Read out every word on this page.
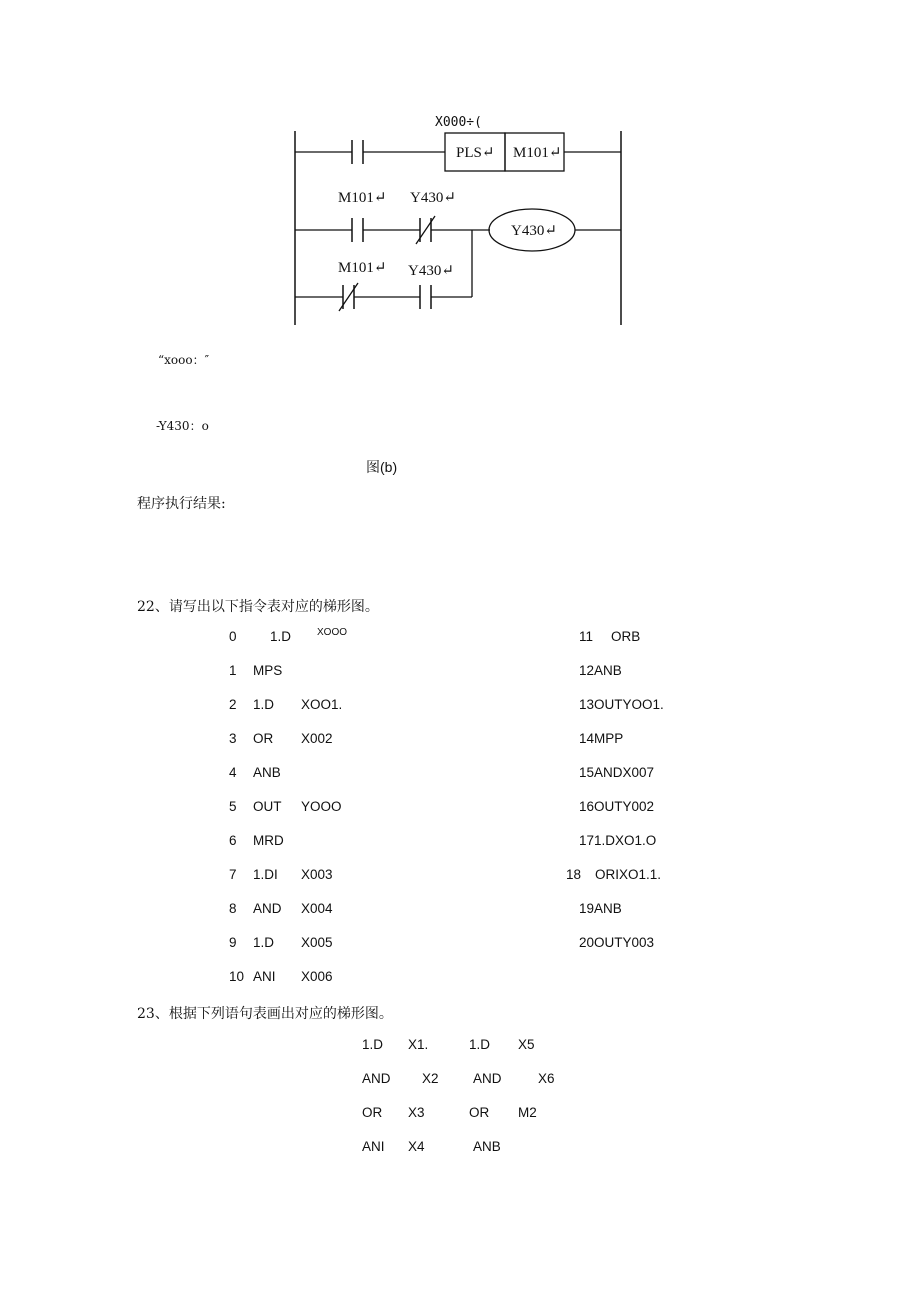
X000÷(
PLS↵ M101↵
M101↵ Y430↵
Y430↵
M101↵ Y430↵
“xooo：″
-Y430：o
图(b)
程序执行结果:
22、请写出以下指令表对应的梯形图。
0 1.D	XOOO
1 MPS
2 1.D XOO1.
3 OR X002
4 ANB
5 OUT YOOO
6 MRD
7 1.DI X003
8 AND X004
9 1.D X005
10 ANI X006
11 ORB
12ANB
13OUTYOO1.
14MPP
15ANDX007
16OUTY002
171.DXO1.O
18 ORIXO1.1.
19ANB
20OUTY003
23、根据下列语句表画出对应的梯形图。
1.D X1.	1.D X5
AND X2	AND	X6
OR X3	OR M2
ANI X4	ANB
